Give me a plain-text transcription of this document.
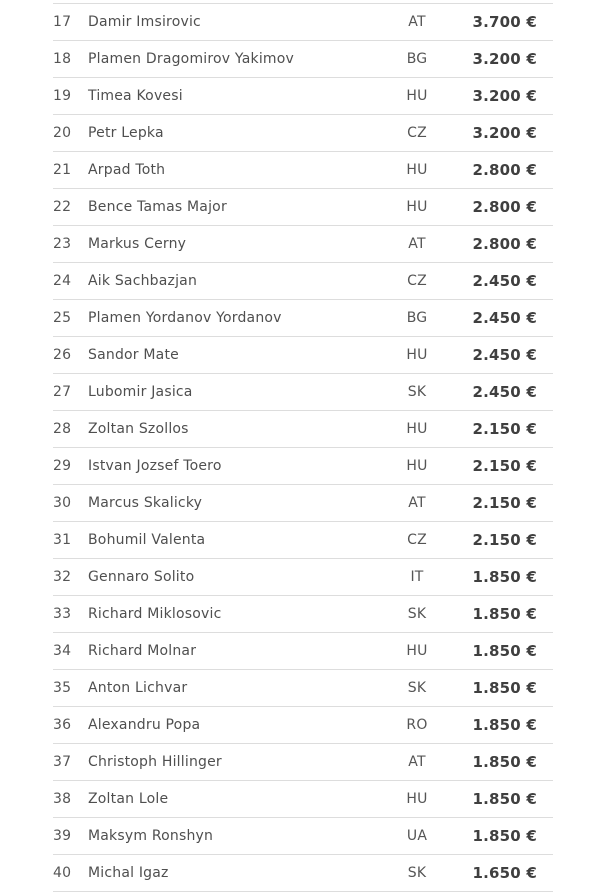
17	Damir Imsirovic	AT	3.700 €
18	Plamen Dragomirov Yakimov	BG	3.200 €
19	Timea Kovesi	HU	3.200 €
20	Petr Lepka	CZ	3.200 €
21	Arpad Toth	HU	2.800 €
22	Bence Tamas Major	HU	2.800 €
23	Markus Cerny	AT	2.800 €
24	Aik Sachbazjan	CZ	2.450 €
25	Plamen Yordanov Yordanov	BG	2.450 €
26	Sandor Mate	HU	2.450 €
27	Lubomir Jasica	SK	2.450 €
28	Zoltan Szollos	HU	2.150 €
29	Istvan Jozsef Toero	HU	2.150 €
30	Marcus Skalicky	AT	2.150 €
31	Bohumil Valenta	CZ	2.150 €
32	Gennaro Solito	IT	1.850 €
33	Richard Miklosovic	SK	1.850 €
34	Richard Molnar	HU	1.850 €
35	Anton Lichvar	SK	1.850 €
36	Alexandru Popa	RO	1.850 €
37	Christoph Hillinger	AT	1.850 €
38	Zoltan Lole	HU	1.850 €
39	Maksym Ronshyn	UA	1.850 €
40	Michal Igaz	SK	1.650 €
